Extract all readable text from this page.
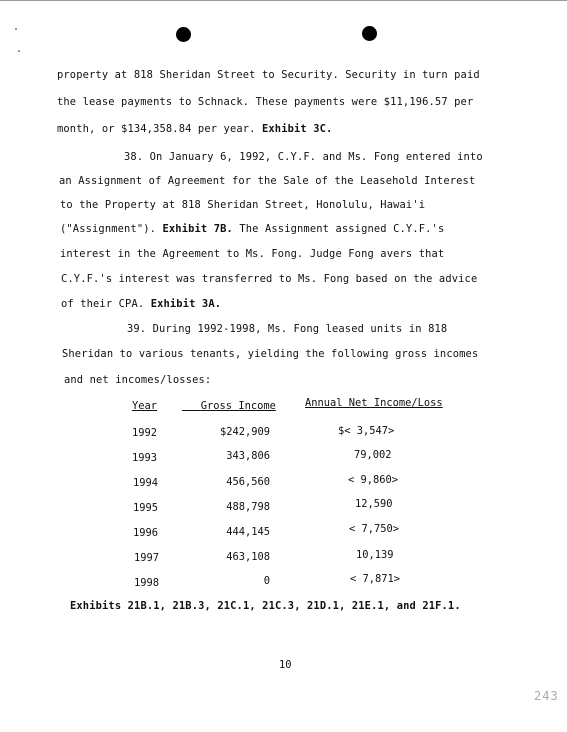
property at 818 Sheridan Street to Security. Security in turn paid
the lease payments to Schnack. These payments were $11,196.57 per
month, or $134,358.84 per year. Exhibit 3C.
38. On January 6, 1992, C.Y.F. and Ms. Fong entered into
an Assignment of Agreement for the Sale of the Leasehold Interest
to the Property at 818 Sheridan Street, Honolulu, Hawai'i
("Assignment"). Exhibit 7B. The Assignment assigned C.Y.F.'s
interest in the Agreement to Ms. Fong. Judge Fong avers that
C.Y.F.'s interest was transferred to Ms. Fong based on the advice
of their CPA. Exhibit 3A.
39. During 1992-1998, Ms. Fong leased units in 818
Sheridan to various tenants, yielding the following gross incomes
and net incomes/losses:
Year	Gross Income	Annual Net Income/Loss
1992	$242,909	$< 3,547>
1993	343,806	79,002
1994	456,560	< 9,860>
1995	488,798	12,590
1996	444,145	< 7,750>
1997	463,108	10,139
1998	0	< 7,871>
Exhibits 21B.1, 21B.3, 21C.1, 21C.3, 21D.1, 21E.1, and 21F.1.
10
243
